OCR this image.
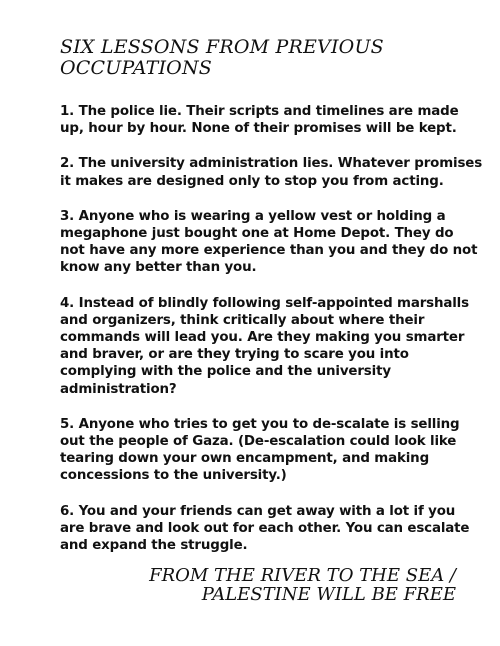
SIX LESSONS FROM PREVIOUS
OCCUPATIONS
1. The police lie. Their scripts and timelines are made
up, hour by hour. None of their promises will be kept.
2. The university administration lies. Whatever promises
it makes are designed only to stop you from acting.
3. Anyone who is wearing a yellow vest or holding a
megaphone just bought one at Home Depot. They do
not have any more experience than you and they do not
know any better than you.
4. Instead of blindly following self-appointed marshalls
and organizers, think critically about where their
commands will lead you. Are they making you smarter
and braver, or are they trying to scare you into
complying with the police and the university
administration?
5. Anyone who tries to get you to de-scalate is selling
out the people of Gaza. (De-escalation could look like
tearing down your own encampment, and making
concessions to the university.)
6. You and your friends can get away with a lot if you
are brave and look out for each other. You can escalate
and expand the struggle.
FROM THE RIVER TO THE SEA /
PALESTINE WILL BE FREE
